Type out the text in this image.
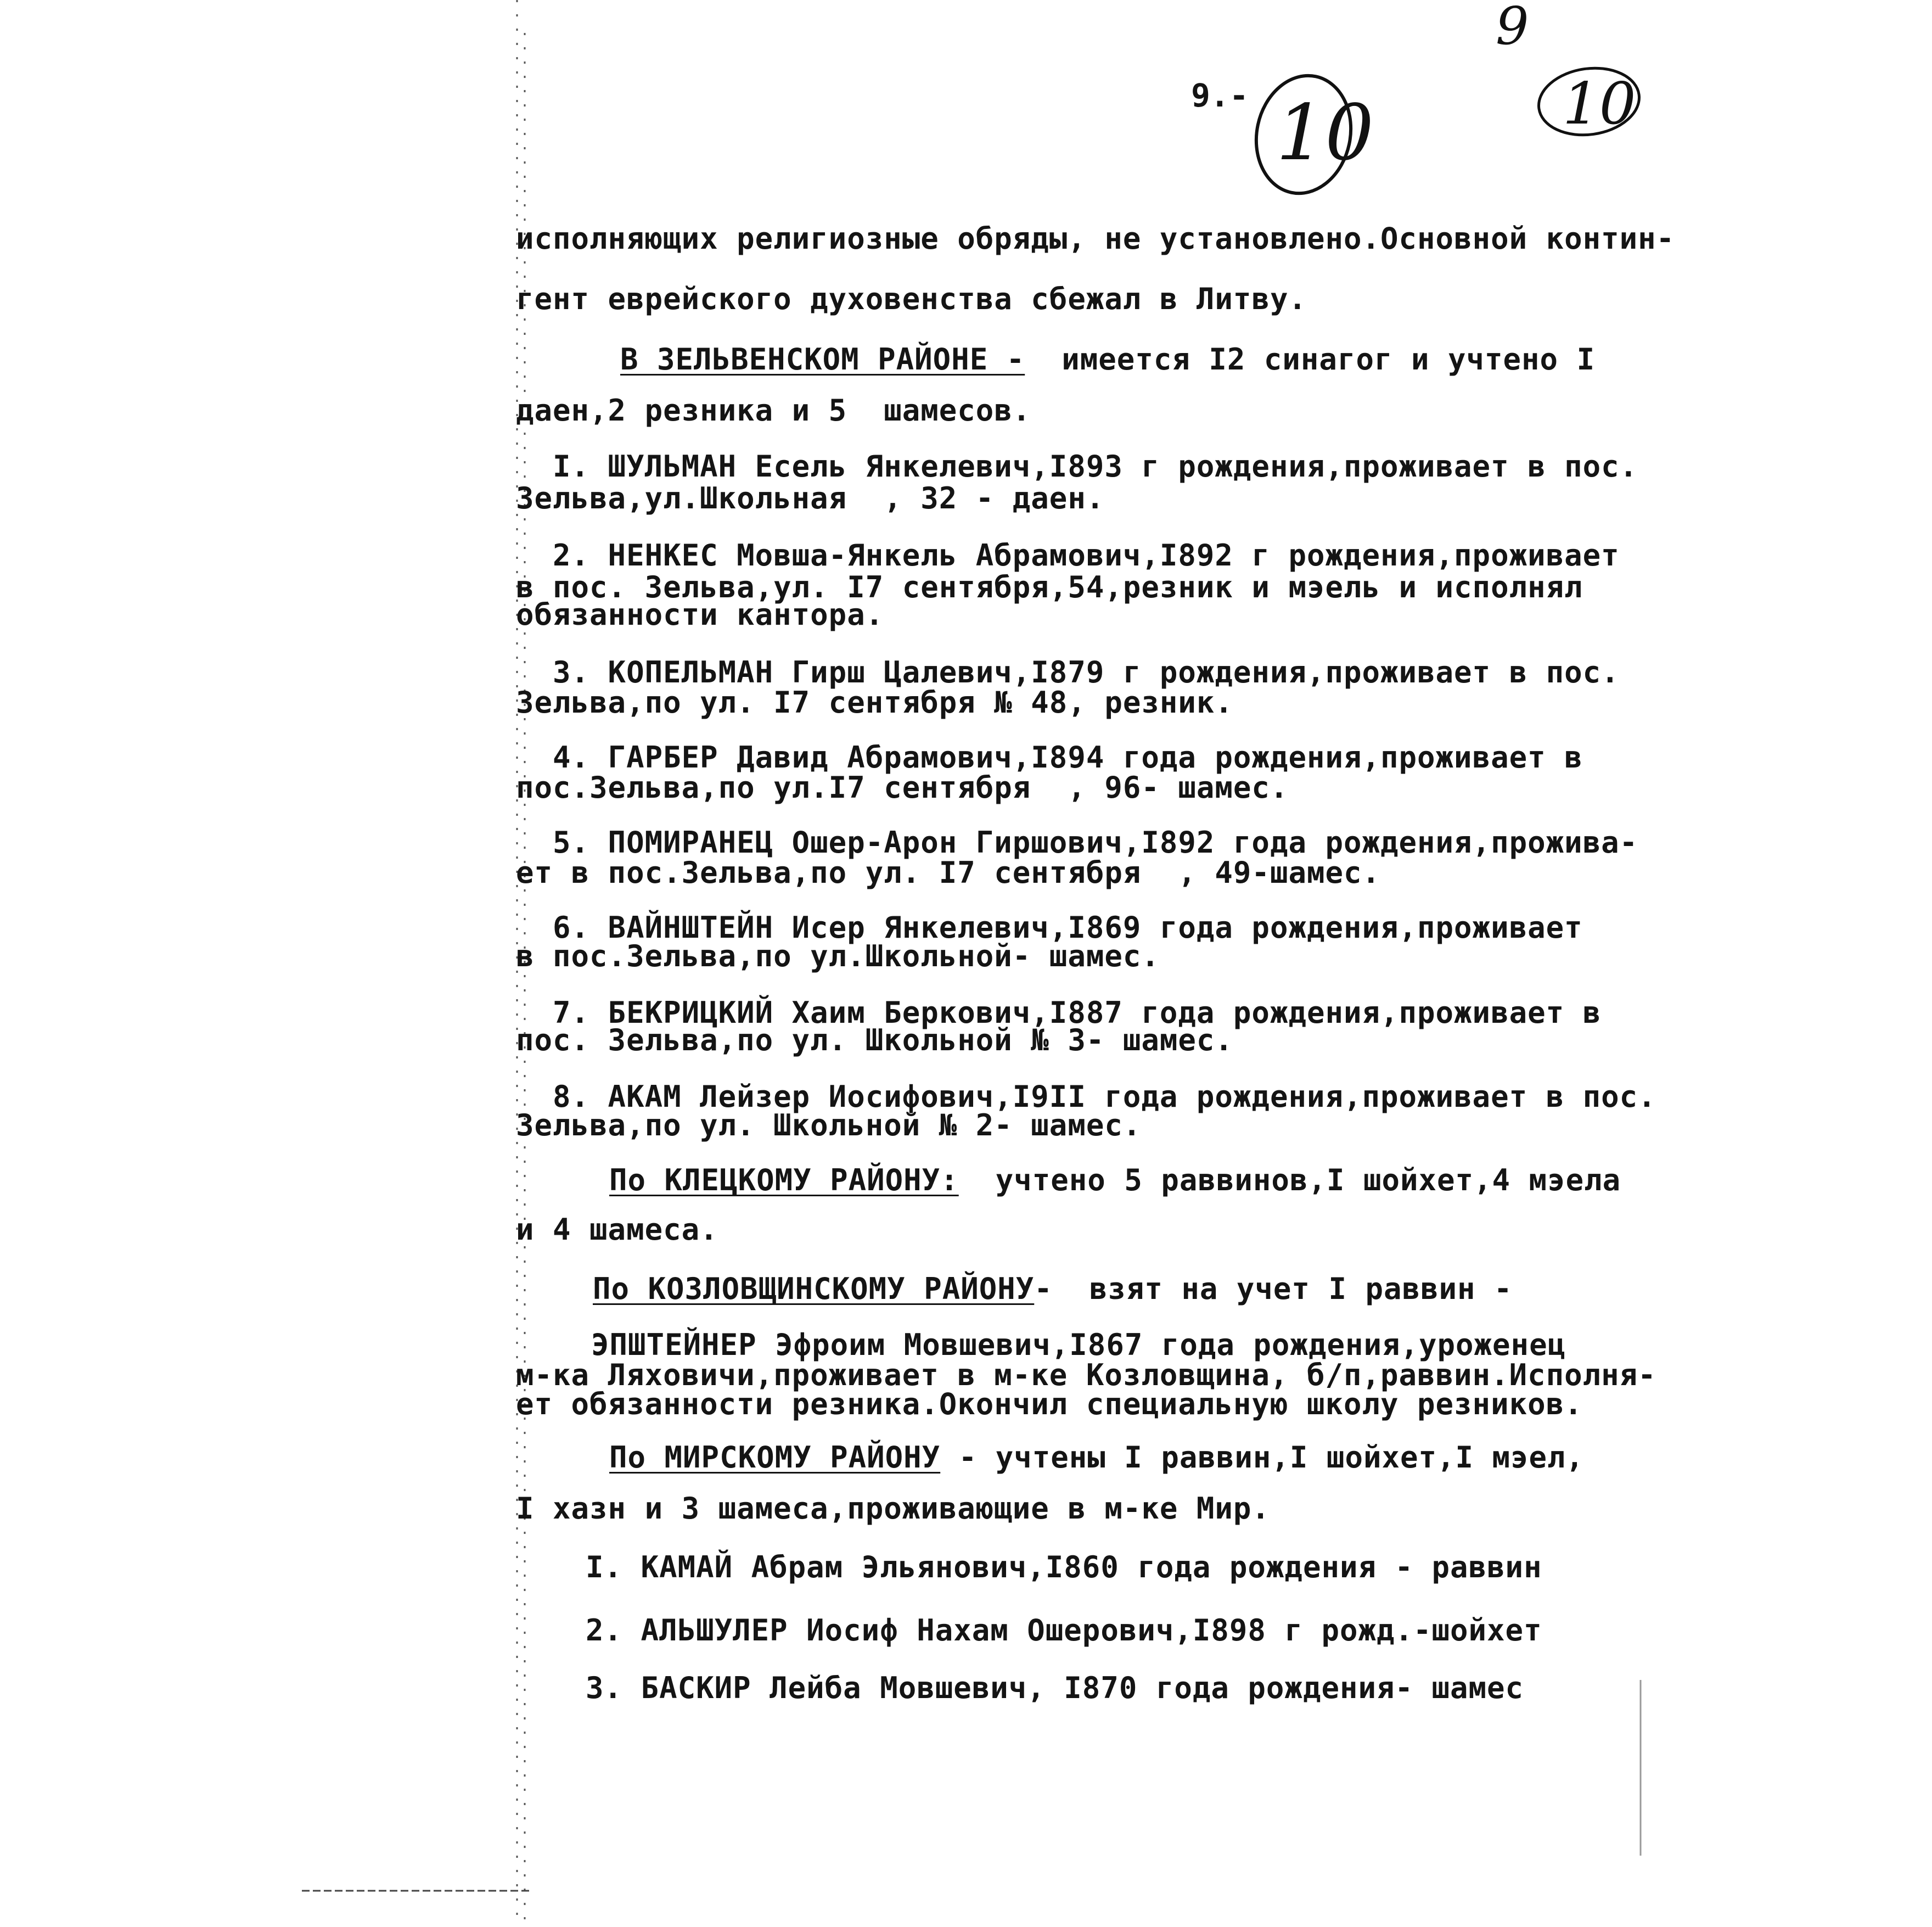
9.- 10	10
9
исполняющих религиозные обряды, не установлено.Основной контин-
гент еврейского духовенства сбежал в Литву.
В ЗЕЛЬВЕНСКОМ РАЙОНЕ -  имеется I2 синагог и учтено I
даен,2 резника и 5  шамесов.
I. ШУЛЬМАН Есель Янкелевич,I893 г рождения,проживает в пос.
Зельва,ул.Школьная  , 32 - даен.
2. НЕНКЕС Мовша-Янкель Абрамович,I892 г рождения,проживает
в пос. Зельва,ул. I7 сентября,54,резник и мэель и исполнял
обязанности кантора.
3. КОПЕЛЬМАН Гирш Цалевич,I879 г рождения,проживает в пос.
Зельва,по ул. I7 сентября № 48, резник.
4. ГАРБЕР Давид Абрамович,I894 года рождения,проживает в
пос.Зельва,по ул.I7 сентября  , 96- шамес.
5. ПОМИРАНЕЦ Ошер-Арон Гиршович,I892 года рождения,прожива-
ет в пос.Зельва,по ул. I7 сентября  , 49-шамес.
6. ВАЙНШТЕЙН Исер Янкелевич,I869 года рождения,проживает
в пос.Зельва,по ул.Школьной- шамес.
7. БЕКРИЦКИЙ Хаим Беркович,I887 года рождения,проживает в
пос. Зельва,по ул. Школьной № 3- шамес.
8. АКАМ Лейзер Иосифович,I9II года рождения,проживает в пос.
Зельва,по ул. Школьной № 2- шамес.
По КЛЕЦКОМУ РАЙОНУ:  учтено 5 раввинов,I шойхет,4 мэела
и 4 шамеса.
По КОЗЛОВЩИНСКОМУ РАЙОНУ-  взят на учет I раввин -
ЭПШТЕЙНЕР Эфроим Мовшевич,I867 года рождения,уроженец
м-ка Ляховичи,проживает в м-ке Козловщина, б/п,раввин.Исполня-
ет обязанности резника.Окончил специальную школу резников.
По МИРСКОМУ РАЙОНУ - учтены I раввин,I шойхет,I мэел,
I хазн и 3 шамеса,проживающие в м-ке Мир.
I. КАМАЙ Абрам Эльянович,I860 года рождения - раввин
2. АЛЬШУЛЕР Иосиф Нахам Ошерович,I898 г рожд.-шойхет
3. БАСКИР Лейба Мовшевич, I870 года рождения- шамес
